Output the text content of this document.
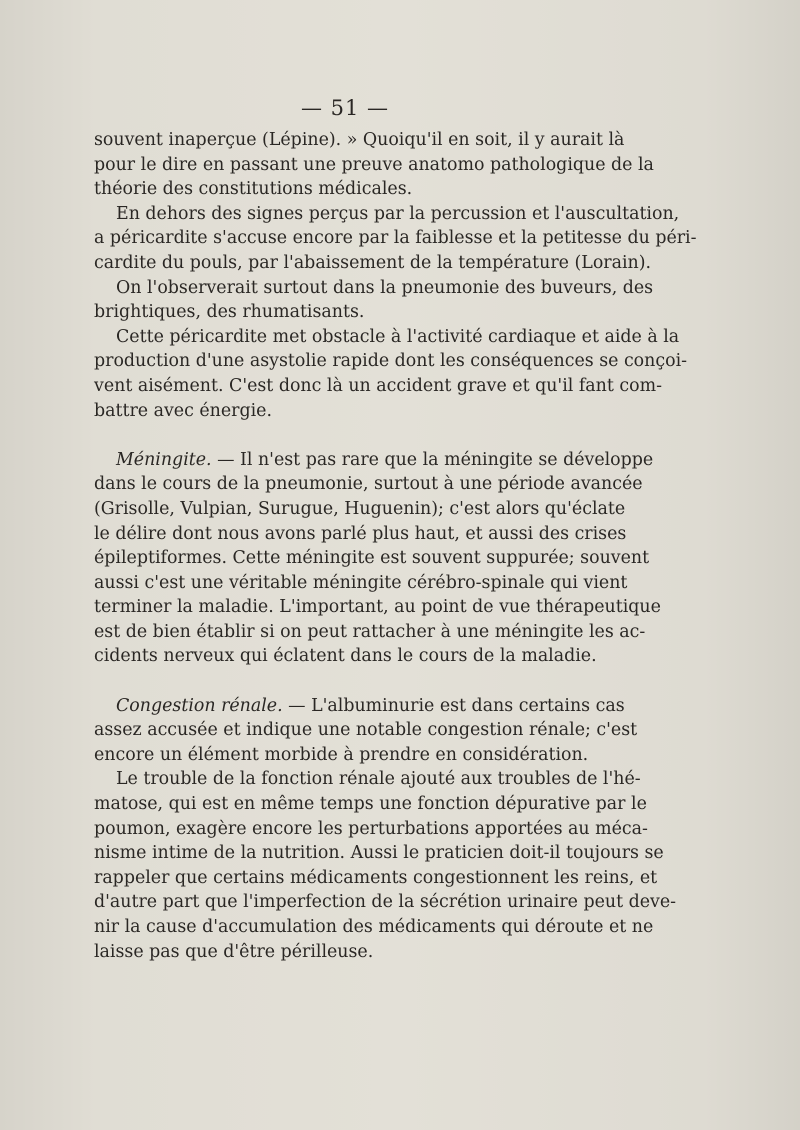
— 51 —
souvent inaperçue (Lépine). » Quoiqu'il en soit, il y aurait là
pour le dire en passant une preuve anatomo pathologique de la
théorie des constitutions médicales.
En dehors des signes perçus par la percussion et l'auscultation,
a péricardite s'accuse encore par la faiblesse et la petitesse du péri-
cardite du pouls, par l'abaissement de la température (Lorain).
On l'observerait surtout dans la pneumonie des buveurs, des
brightiques, des rhumatisants.
Cette péricardite met obstacle à l'activité cardiaque et aide à la
production d'une asystolie rapide dont les conséquences se conçoi-
vent aisément. C'est donc là un accident grave et qu'il fant com-
battre avec énergie.
Méningite. — Il n'est pas rare que la méningite se développe
dans le cours de la pneumonie, surtout à une période avancée
(Grisolle, Vulpian, Surugue, Huguenin); c'est alors qu'éclate
le délire dont nous avons parlé plus haut, et aussi des crises
épileptiformes. Cette méningite est souvent suppurée; souvent
aussi c'est une véritable méningite cérébro-spinale qui vient
terminer la maladie. L'important, au point de vue thérapeutique
est de bien établir si on peut rattacher à une méningite les ac-
cidents nerveux qui éclatent dans le cours de la maladie.
Congestion rénale. — L'albuminurie est dans certains cas
assez accusée et indique une notable congestion rénale; c'est
encore un élément morbide à prendre en considération.
Le trouble de la fonction rénale ajouté aux troubles de l'hé-
matose, qui est en même temps une fonction dépurative par le
poumon, exagère encore les perturbations apportées au méca-
nisme intime de la nutrition. Aussi le praticien doit-il toujours se
rappeler que certains médicaments congestionnent les reins, et
d'autre part que l'imperfection de la sécrétion urinaire peut deve-
nir la cause d'accumulation des médicaments qui déroute et ne
laisse pas que d'être périlleuse.
